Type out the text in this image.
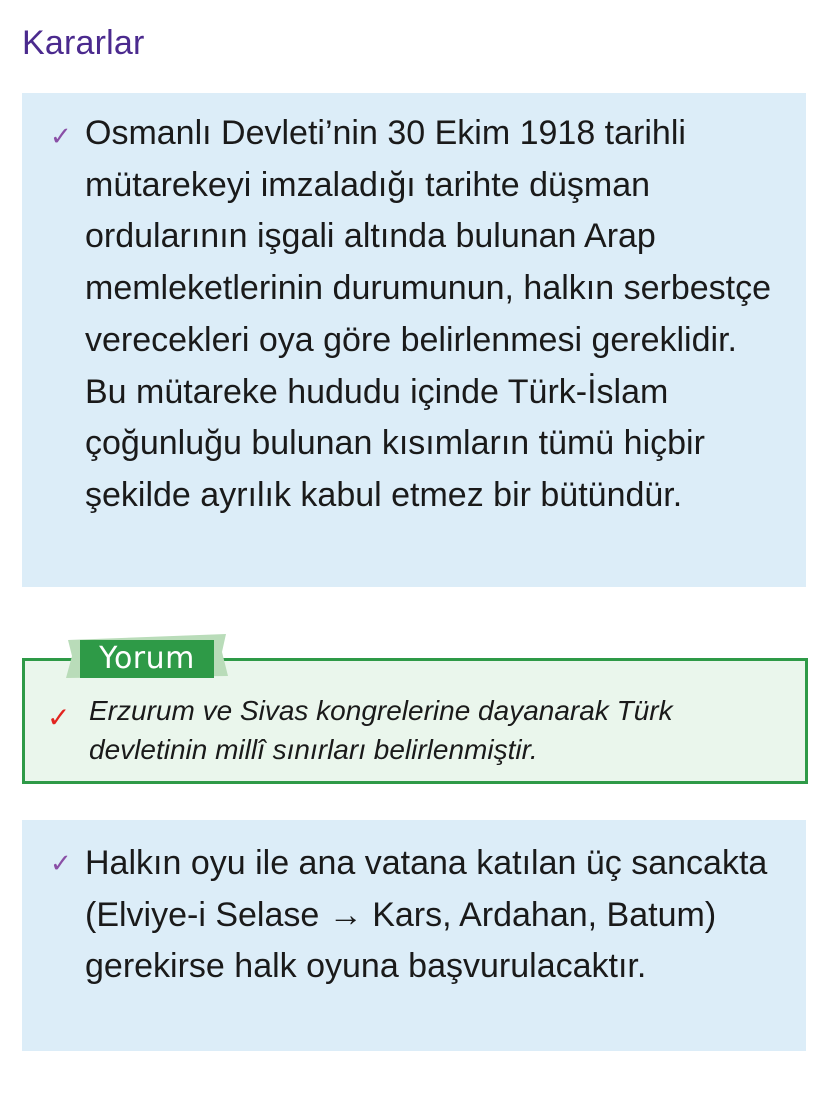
Kararlar
✓ Osmanlı Devleti’nin 30 Ekim 1918 tarihli mütarekeyi imzaladığı tarihte düşman ordularının işgali altında bulunan Arap memleketlerinin durumunun, halkın serbestçe verecekleri oya göre belirlenmesi gereklidir. Bu mütareke hududu içinde Türk-İslam çoğunluğu bulunan kısımların tümü hiçbir şekilde ayrılık kabul etmez bir bütündür.
✓ Erzurum ve Sivas kongrelerine dayanarak Türk devletinin millî sınırları belirlenmiştir.
Yorum
✓ Halkın oyu ile ana vatana katılan üç sancakta (Elviye-i Selase → Kars, Ardahan, Batum) gerekirse halk oyuna başvurulacaktır.
